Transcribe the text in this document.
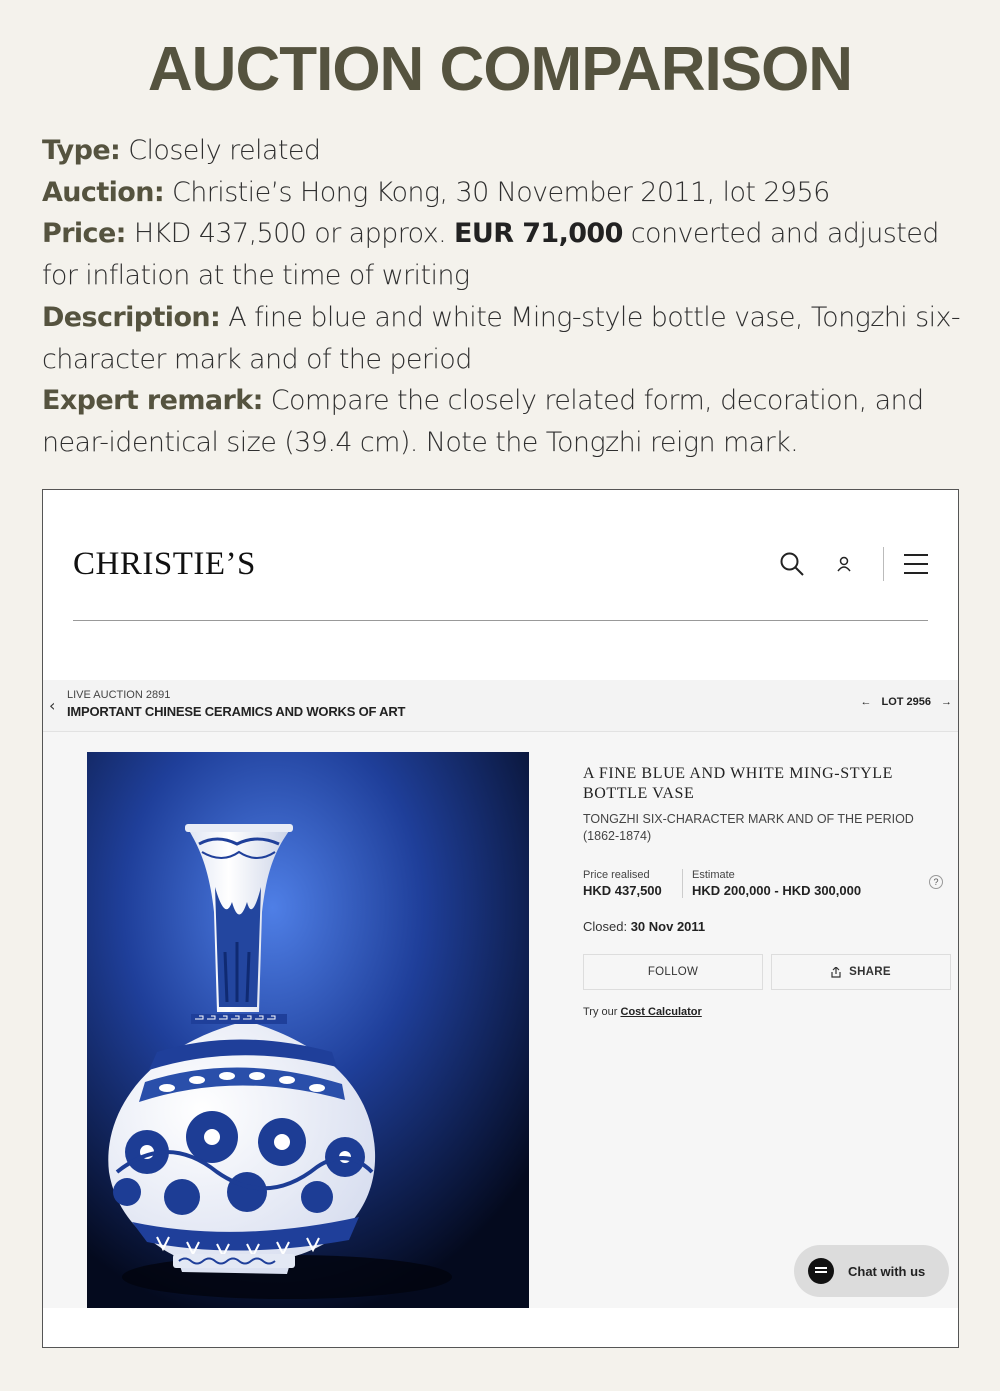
AUCTION COMPARISON

Type: Closely related

Auction: Christie’s Hong Kong, 30 November 2011, lot 2956

Price: HKD 437,500 or approx. EUR 71,000 converted and adjusted for inflation at the time of writing

Description: A fine blue and white Ming-style bottle vase, Tongzhi six-character mark and of the period

Expert remark: Compare the closely related form, decoration, and near-identical size (39.4 cm). Note the Tongzhi reign mark.

CHRISTIE’S
‹
LIVE AUCTION 2891
IMPORTANT CHINESE CERAMICS AND WORKS OF ART
← LOT 2956 →
A FINE BLUE AND WHITE MING-STYLE BOTTLE VASE
TONGZHI SIX-CHARACTER MARK AND OF THE PERIOD (1862-1874)
Price realised
HKD 437,500
Estimate
HKD 200,000 - HKD 300,000
?
Closed: 30 Nov 2011
FOLLOW	SHARE
Try our Cost Calculator
Chat with us
